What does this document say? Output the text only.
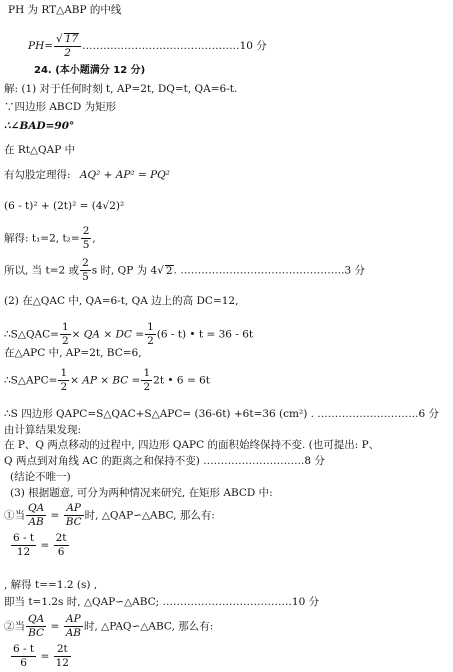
PH 为 RT△ABP 的中线
$PH= \frac{√ 17}{2}$ ………………………………………10 分
24. (本小题满分 12 分)
解: (1) 对于任何时刻 t, AP=2t, DQ=t, QA=6-t.
∵四边形 ABCD 为矩形
∴∠BAD=90°
在 Rt△QAP 中
有勾股定理得: AQ² + AP² = PQ²
(6 - t)² + (2t)² = (4√2)²
解得: t₁=2, $t_2= \frac{2}{5}$ ,
所以, 当 t=2 或 $\frac{2}{5}$ s 时, QP 为 4√ 2. ………………………………………..3 分
(2) 在△QAC 中, QA=6-t, QA 边上的高 DC=12,
∴S△QAC= $\frac{1}{2}$ × QA × DC = $\frac{1}{2} (6 - t)$ • t = 36 - 6t
在△APC 中, AP=2t, BC=6,
∴S△APC= $\frac{1}{2}$ × AP × BC = $\frac{1}{2} 2t$ • 6 = 6t
∴S 四边形 QAPC=S△QAC+S△APC= (36-6t) +6t=36 (cm²) . ………………………..6 分
由计算结果发现:
在 P、Q 两点移动的过程中, 四边形 QAPC 的面积始终保持不变. (也可提出: P、
Q 两点到对角线 AC 的距离之和保持不变) ………………………..8 分
(结论不唯一)
(3) 根据题意, 可分为两种情况来研究, 在矩形 ABCD 中:
①当 $\frac{QA}{AB} = \frac{AP}{BC}$ 时, △QAP∽△ABC, 那么有:
$\frac{6 - t}{12} = \frac{2t}{6}$
, 解得 t==1.2 (s) ,
即当 t=1.2s 时, △QAP∽△ABC; ……………………………….10 分
②当 $\frac{QA}{BC} = \frac{AP}{AB}$ 时, △PAQ∽△ABC, 那么有:
$\frac{6 - t}{6} = \frac{2t}{12}$
